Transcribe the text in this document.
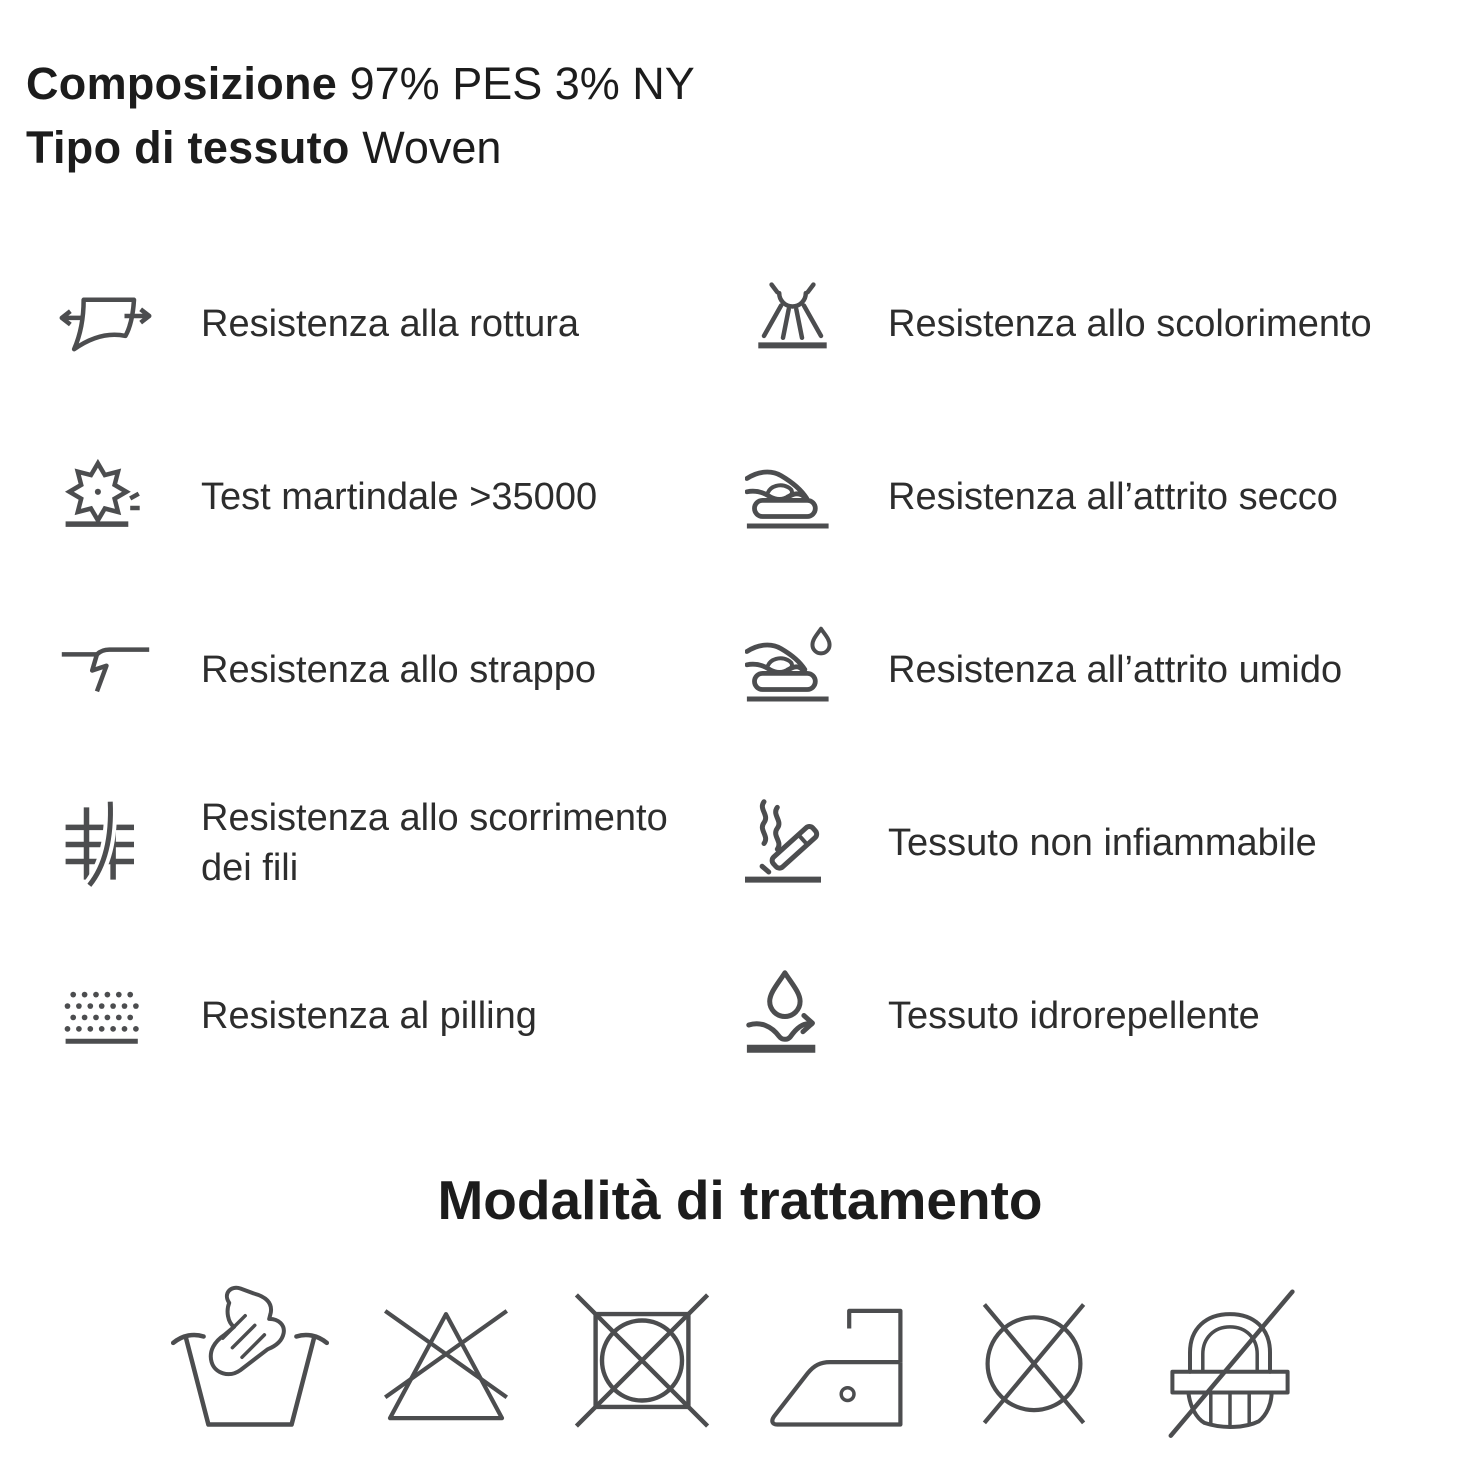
Composizione 97% PES 3% NY
Tipo di tessuto Woven
Resistenza alla rottura
Test martindale >35000
Resistenza allo strappo
Resistenza allo scorrimento dei fili
Resistenza al pilling
Resistenza allo scolorimento
Resistenza all’attrito secco
Resistenza all’attrito umido
Tessuto non infiammabile
Tessuto idrorepellente
Modalità di trattamento
